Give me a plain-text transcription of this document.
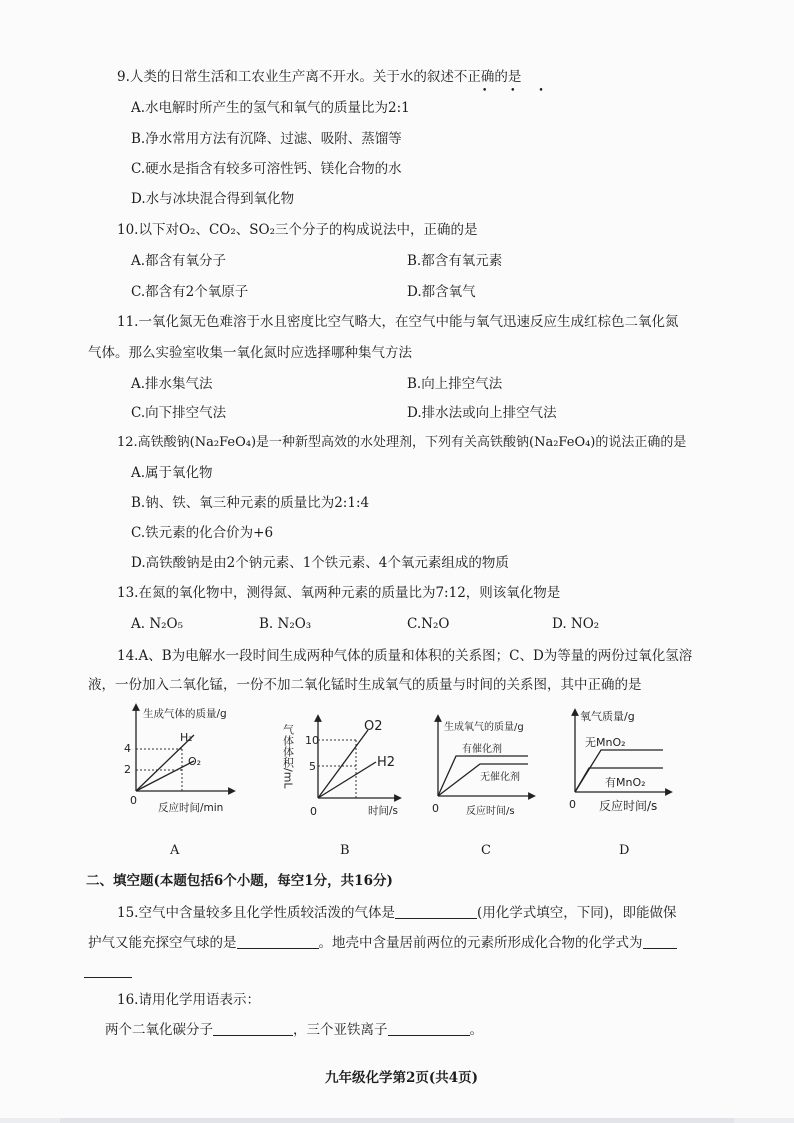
9.人类的日常生活和工农业生产离不开水。关于水的叙述不正确的是
• • •
A.水电解时所产生的氢气和氧气的质量比为2:1
B.净水常用方法有沉降、过滤、吸附、蒸馏等
C.硬水是指含有较多可溶性钙、镁化合物的水
D.水与冰块混合得到氧化物
10.以下对O₂、CO₂、SO₂三个分子的构成说法中，正确的是
A.都含有氧分子	B.都含有氧元素
C.都含有2个氧原子	D.都含氧气
11.一氧化氮无色难溶于水且密度比空气略大，在空气中能与氧气迅速反应生成红棕色二氧化氮
气体。那么实验室收集一氧化氮时应选择哪种集气方法
A.排水集气法	B.向上排空气法
C.向下排空气法	D.排水法或向上排空气法
12.高铁酸钠(Na₂FeO₄)是一种新型高效的水处理剂，下列有关高铁酸钠(Na₂FeO₄)的说法正确的是
A.属于氧化物
B.钠、铁、氧三种元素的质量比为2:1:4
C.铁元素的化合价为+6
D.高铁酸钠是由2个钠元素、1个铁元素、4个氧元素组成的物质
13.在氮的氧化物中，测得氮、氧两种元素的质量比为7:12，则该氧化物是
A. N₂O₅	B. N₂O₃	C.N₂O	D. NO₂
14.A、B为电解水一段时间生成两种气体的质量和体积的关系图；C、D为等量的两份过氧化氢溶
液，一份加入二氧化锰，一份不加二氧化锰时生成氧气的质量与时间的关系图，其中正确的是
生成气体的质量/g
4
2
0
H₂
O₂
反应时间/min
气体体积/mL 10
5
0
O2
H2
时间/s
生成氧气的质量/g
有催化剂
无催化剂
0	反应时间/s
氧气质量/g
无MnO₂
有MnO₂
0 反应时间/s
A	B	C	D
二、填空题(本题包括6个小题，每空1分，共16分)
15.空气中含量较多且化学性质较活泼的气体是	(用化学式填空，下同)，即能做保
护气又能充探空气球的是	。地壳中含量居前两位的元素所形成化合物的化学式为
16.请用化学用语表示：
两个二氧化碳分子	，三个亚铁离子	。
九年级化学第2页(共4页)
